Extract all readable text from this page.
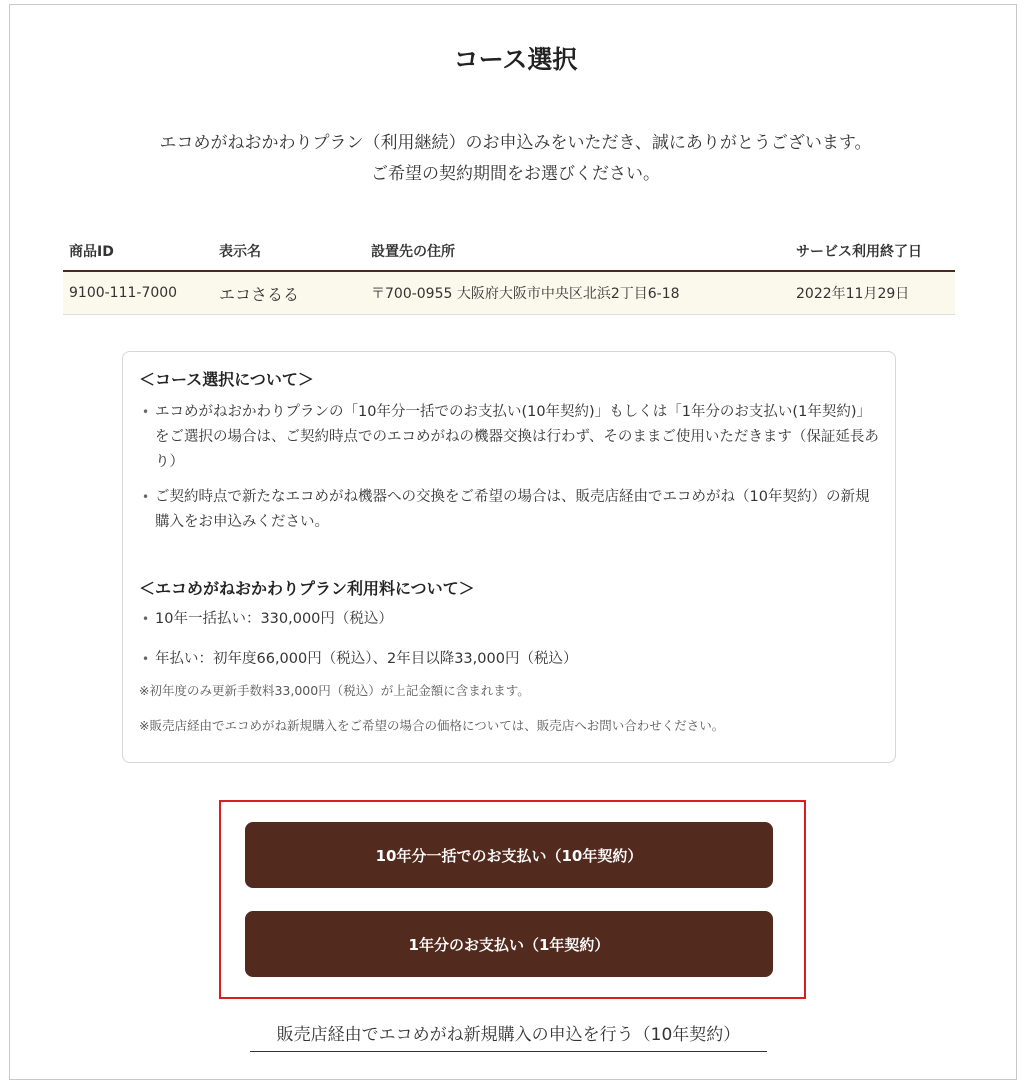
コース選択
エコめがねおかわりプラン（利用継続）のお申込みをいただき、誠にありがとうございます。
ご希望の契約期間をお選びください。
商品ID	表示名	設置先の住所	サービス利用終了日
9100-111-7000	エコさるる	〒700-0955 大阪府大阪市中央区北浜2丁目6-18	2022年11月29日
＜コース選択について＞
• エコめがねおかわりプランの「10年分一括でのお支払い(10年契約)」もしくは「1年分のお支払い(1年契約)」をご選択の場合は、ご契約時点でのエコめがねの機器交換は行わず、そのままご使用いただきます（保証延長あり）
• ご契約時点で新たなエコめがね機器への交換をご希望の場合は、販売店経由でエコめがね（10年契約）の新規購入をお申込みください。
＜エコめがねおかわりプラン利用料について＞
• 10年一括払い：330,000円（税込）
• 年払い：初年度66,000円（税込）、2年目以降33,000円（税込）
※初年度のみ更新手数料33,000円（税込）が上記金額に含まれます。
※販売店経由でエコめがね新規購入をご希望の場合の価格については、販売店へお問い合わせください。
10年分一括でのお支払い（10年契約）
1年分のお支払い（1年契約）
販売店経由でエコめがね新規購入の申込を行う（10年契約）
